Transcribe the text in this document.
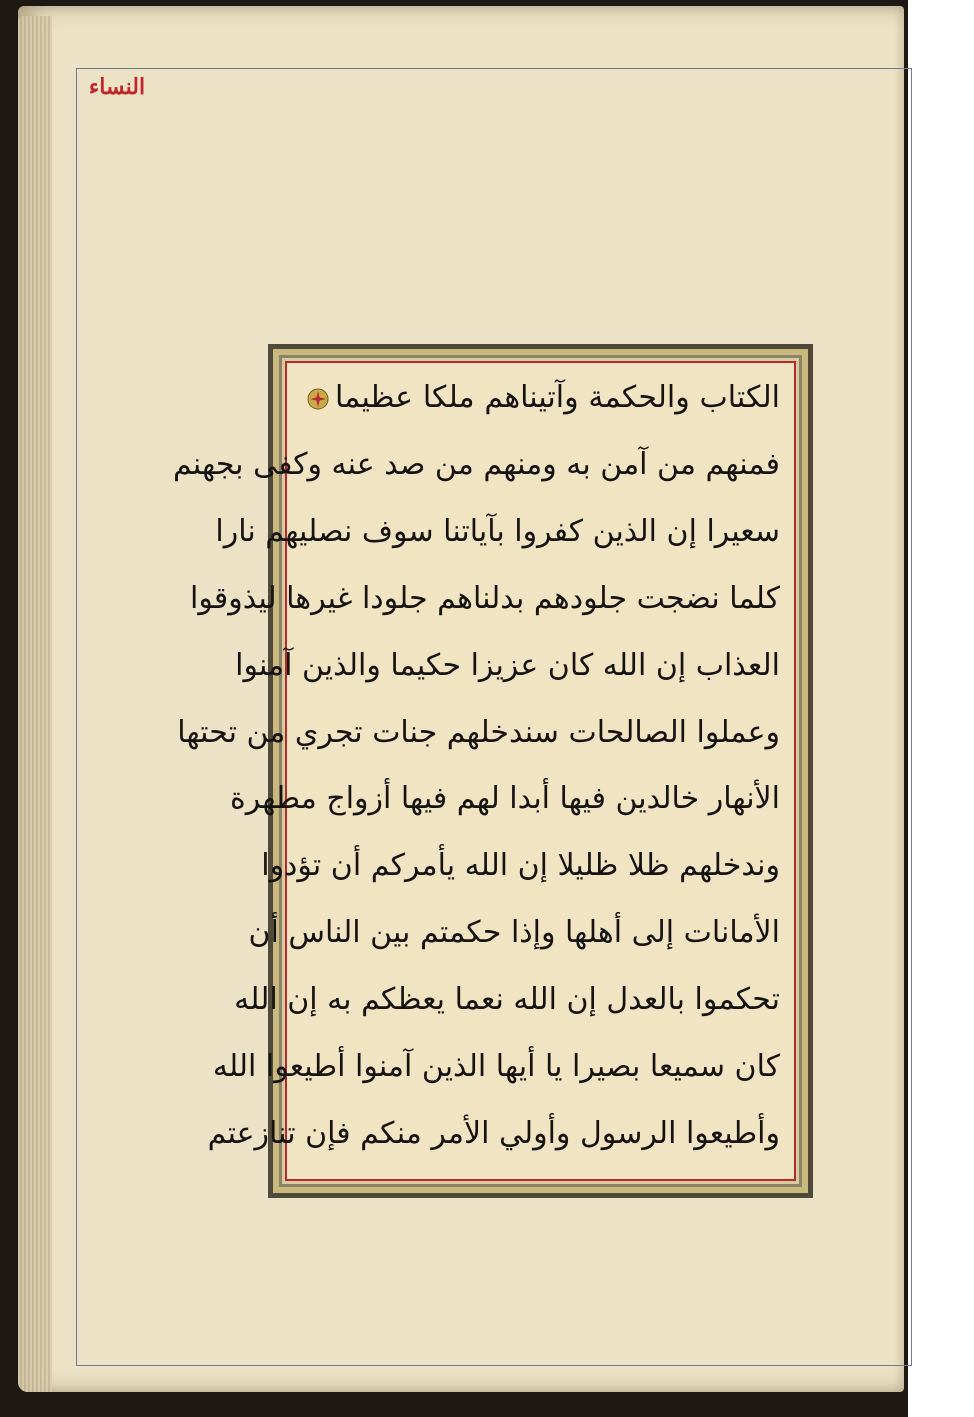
النساء
الكتاب والحكمة وآتيناهم ملكا عظيما
فمنهم من آمن به ومنهم من صد عنه وكفى بجهنم
سعيرا إن الذين كفروا بآياتنا سوف نصليهم نارا
كلما نضجت جلودهم بدلناهم جلودا غيرها ليذوقوا
العذاب إن الله كان عزيزا حكيما والذين آمنوا
وعملوا الصالحات سندخلهم جنات تجري من تحتها
الأنهار خالدين فيها أبدا لهم فيها أزواج مطهرة
وندخلهم ظلا ظليلا إن الله يأمركم أن تؤدوا
الأمانات إلى أهلها وإذا حكمتم بين الناس أن
تحكموا بالعدل إن الله نعما يعظكم به إن الله
كان سميعا بصيرا يا أيها الذين آمنوا أطيعوا الله
وأطيعوا الرسول وأولي الأمر منكم فإن تنازعتم
